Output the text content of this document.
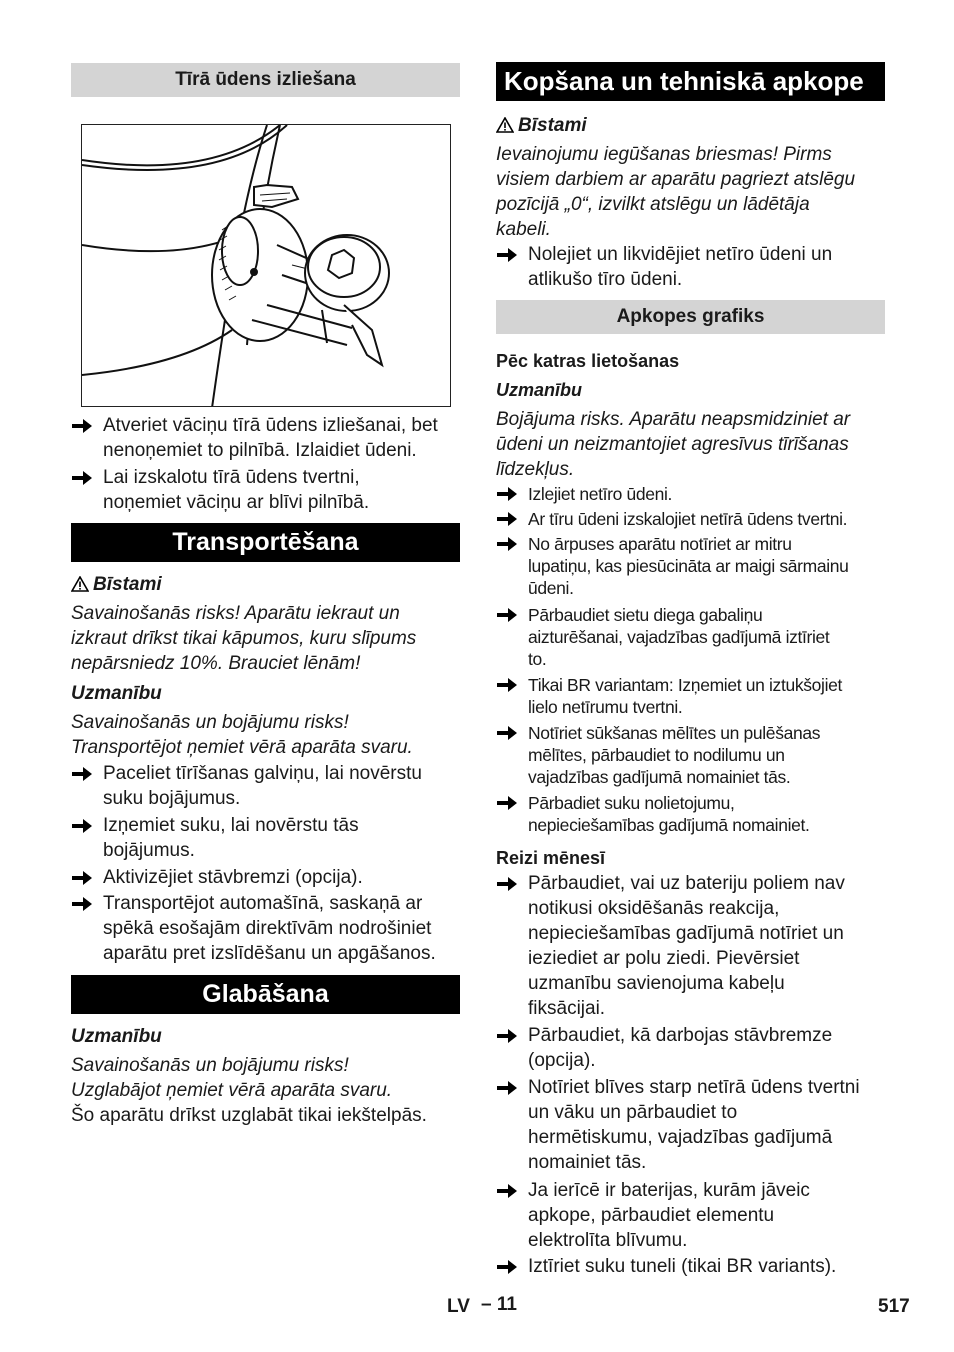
Tīrā ūdens izliešana
Atveriet vāciņu tīrā ūdens izliešanai, bet
nenoņemiet to pilnībā. Izlaidiet ūdeni.
Lai izskalotu tīrā ūdens tvertni,
noņemiet vāciņu ar blīvi pilnībā.
Transportēšana
Bīstami
Savainošanās risks! Aparātu iekraut un
izkraut drīkst tikai kāpumos, kuru slīpums
nepārsniedz 10%. Brauciet lēnām!
Uzmanību
Savainošanās un bojājumu risks!
Transportējot ņemiet vērā aparāta svaru.
Paceliet tīrīšanas galviņu, lai novērstu
suku bojājumus.
Izņemiet suku, lai novērstu tās
bojājumus.
Aktivizējiet stāvbremzi (opcija).
Transportējot automašīnā, saskaņā ar
spēkā esošajām direktīvām nodrošiniet
aparātu pret izslīdēšanu un apgāšanos.
Glabāšana
Uzmanību
Savainošanās un bojājumu risks!
Uzglabājot ņemiet vērā aparāta svaru.
Šo aparātu drīkst uzglabāt tikai iekštelpās.
Kopšana un tehniskā apkope
Bīstami
Ievainojumu iegūšanas briesmas! Pirms
visiem darbiem ar aparātu pagriezt atslēgu
pozīcijā „0“, izvilkt atslēgu un lādētāja
kabeli.
Nolejiet un likvidējiet netīro ūdeni un
atlikušo tīro ūdeni.
Apkopes grafiks
Pēc katras lietošanas
Uzmanību
Bojājuma risks. Aparātu neapsmidziniet ar
ūdeni un neizmantojiet agresīvus tīrīšanas
līdzekļus.
Izlejiet netīro ūdeni.
Ar tīru ūdeni izskalojiet netīrā ūdens tvertni.
No ārpuses aparātu notīriet ar mitru
lupatiņu, kas piesūcināta ar maigi sārmainu
ūdeni.
Pārbaudiet sietu diega gabaliņu
aizturēšanai, vajadzības gadījumā iztīriet
to.
Tikai BR variantam: Izņemiet un iztukšojiet
lielo netīrumu tvertni.
Notīriet sūkšanas mēlītes un pulēšanas
mēlītes, pārbaudiet to nodilumu un
vajadzības gadījumā nomainiet tās.
Pārbadiet suku nolietojumu,
nepieciešamības gadījumā nomainiet.
Reizi mēnesī
Pārbaudiet, vai uz bateriju poliem nav
notikusi oksidēšanās reakcija,
nepieciešamības gadījumā notīriet un
ieziediet ar polu ziedi. Pievērsiet
uzmanību savienojuma kabeļu
fiksācijai.
Pārbaudiet, kā darbojas stāvbremze
(opcija).
Notīriet blīves starp netīrā ūdens tvertni
un vāku un pārbaudiet to
hermētiskumu, vajadzības gadījumā
nomainiet tās.
Ja ierīcē ir baterijas, kurām jāveic
apkope, pārbaudiet elementu
elektrolīta blīvumu.
Iztīriet suku tuneli (tikai BR variants).
LV – 11	517
